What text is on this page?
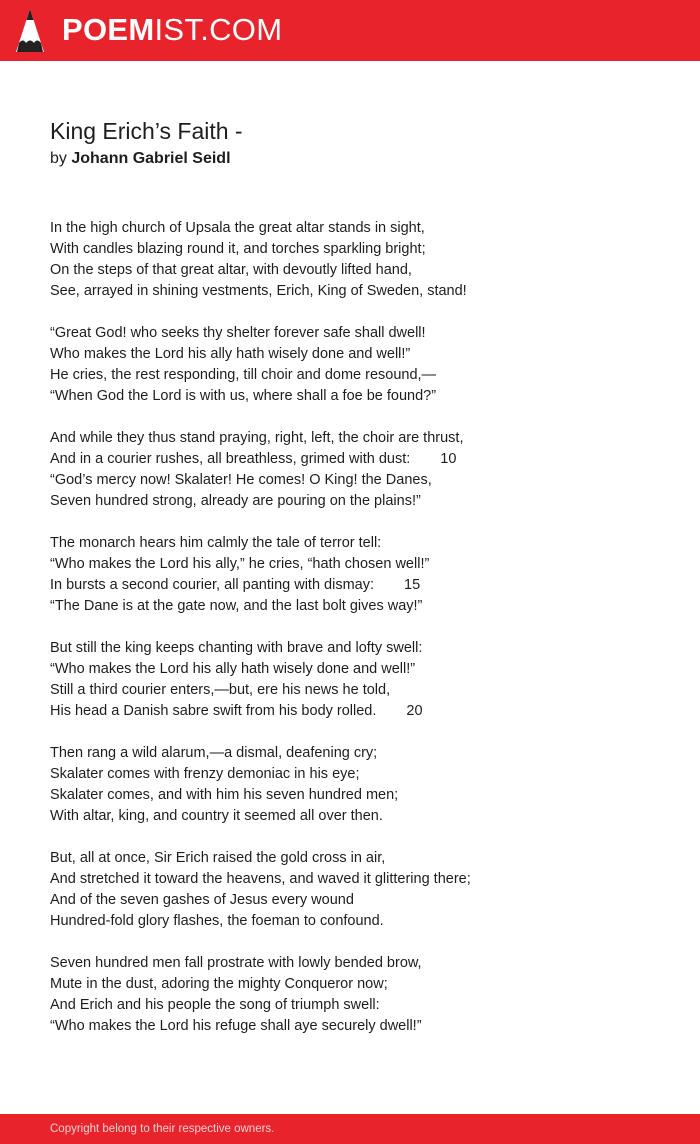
POEMIST.COM
King Erich’s Faith -
by Johann Gabriel Seidl
In the high church of Upsala the great altar stands in sight,
With candles blazing round it, and torches sparkling bright;
On the steps of that great altar, with devoutly lifted hand,
See, arrayed in shining vestments, Erich, King of Sweden, stand!
“Great God! who seeks thy shelter forever safe shall dwell!
Who makes the Lord his ally hath wisely done and well!”
He cries, the rest responding, till choir and dome resound,—
“When God the Lord is with us, where shall a foe be found?”
And while they thus stand praying, right, left, the choir are thrust,
And in a courier rushes, all breathless, grimed with dust: 10
“God’s mercy now! Skalater! He comes! O King! the Danes,
Seven hundred strong, already are pouring on the plains!”
The monarch hears him calmly the tale of terror tell:
“Who makes the Lord his ally,” he cries, “hath chosen well!”
In bursts a second courier, all panting with dismay: 15
“The Dane is at the gate now, and the last bolt gives way!”
But still the king keeps chanting with brave and lofty swell:
“Who makes the Lord his ally hath wisely done and well!”
Still a third courier enters,—but, ere his news he told,
His head a Danish sabre swift from his body rolled. 20
Then rang a wild alarum,—a dismal, deafening cry;
Skalater comes with frenzy demoniac in his eye;
Skalater comes, and with him his seven hundred men;
With altar, king, and country it seemed all over then.
But, all at once, Sir Erich raised the gold cross in air,
And stretched it toward the heavens, and waved it glittering there;
And of the seven gashes of Jesus every wound
Hundred-fold glory flashes, the foeman to confound.
Seven hundred men fall prostrate with lowly bended brow,
Mute in the dust, adoring the mighty Conqueror now;
And Erich and his people the song of triumph swell:
“Who makes the Lord his refuge shall aye securely dwell!”
Copyright belong to their respective owners.
